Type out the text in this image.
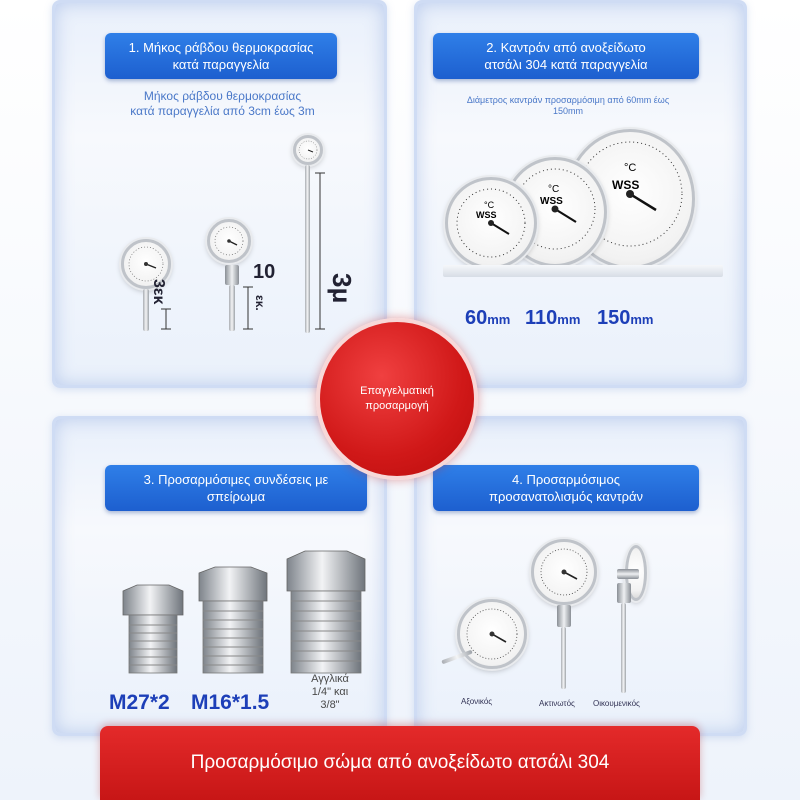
1. Μήκος ράβδου θερμοκρασίας
κατά παραγγελία
Μήκος ράβδου θερμοκρασίας
κατά παραγγελία από 3cm έως 3m
3εκ
10
εκ. 3μ
2. Καντράν από ανοξείδωτο
ατσάλι 304 κατά παραγγελία
Διάμετρος καντράν προσαρμόσιμη από 60mm έως
150mm
°C
WSS
°C
WSS
°C
WSS
60mm 110mm 150mm
3. Προσαρμόσιμες συνδέσεις με
σπείρωμα
M27*2 M16*1.5
Αγγλικά
1/4" και
3/8"
4. Προσαρμόσιμος
προσανατολισμός καντράν
Αξονικός	Ακτινωτός Οικουμενικός
Επαγγελματική
προσαρμογή
Προσαρμόσιμο σώμα από ανοξείδωτο ατσάλι 304
